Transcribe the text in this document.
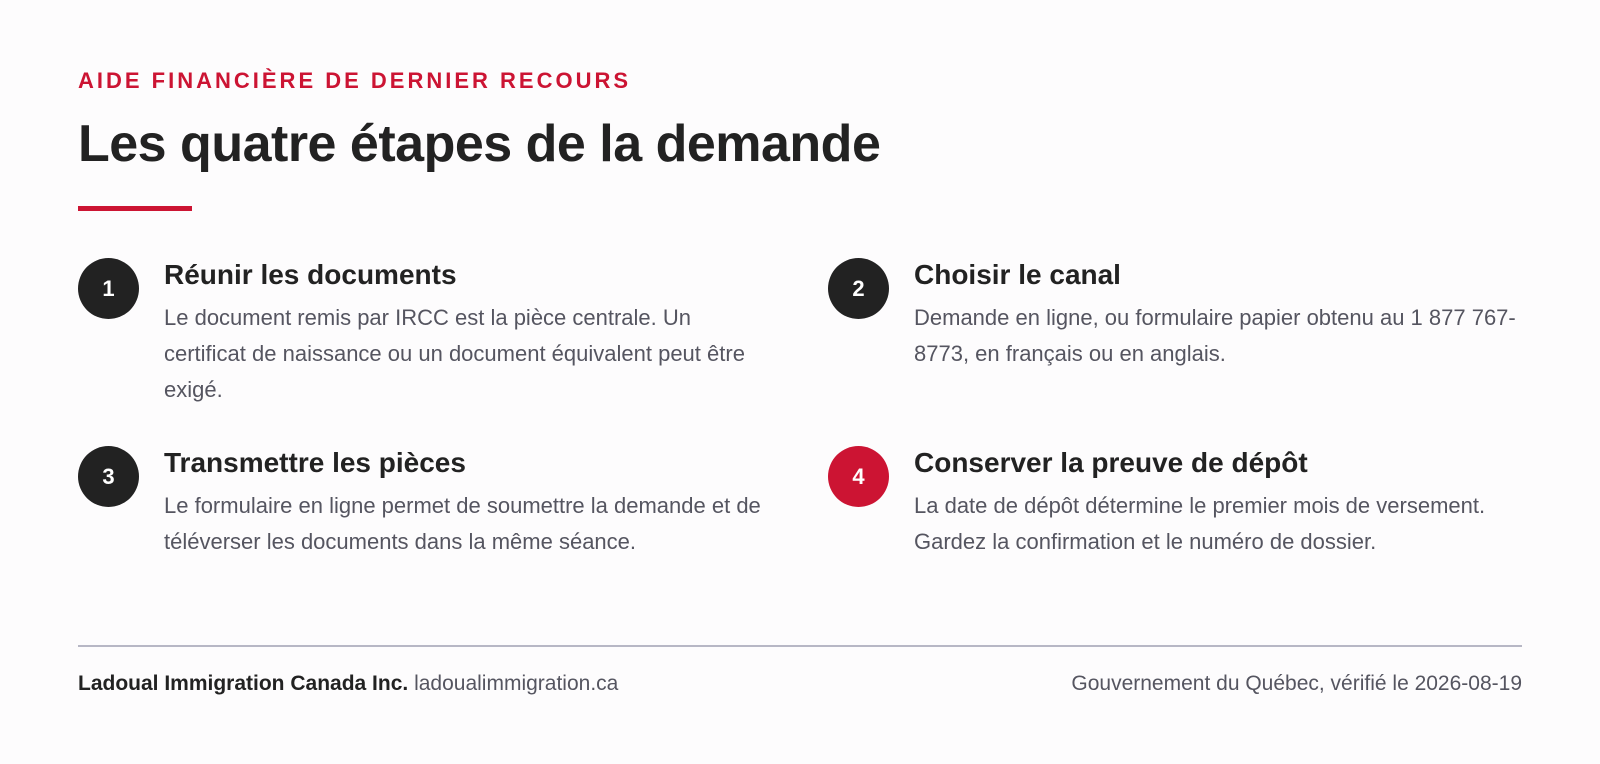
AIDE FINANCIÈRE DE DERNIER RECOURS
Les quatre étapes de la demande
1	Réunir les documents

Le document remis par IRCC est la pièce centrale. Un certificat de naissance ou un document équivalent peut être exigé.

2	Choisir le canal

Demande en ligne, ou formulaire papier obtenu au 1 877 767-8773, en français ou en anglais.

3	Transmettre les pièces

Le formulaire en ligne permet de soumettre la demande et de téléverser les documents dans la même séance.

4	Conserver la preuve de dépôt

La date de dépôt détermine le premier mois de versement. Gardez la confirmation et le numéro de dossier.

Ladoual Immigration Canada Inc. ladoualimmigration.ca	Gouvernement du Québec, vérifié le 2026-08-19
